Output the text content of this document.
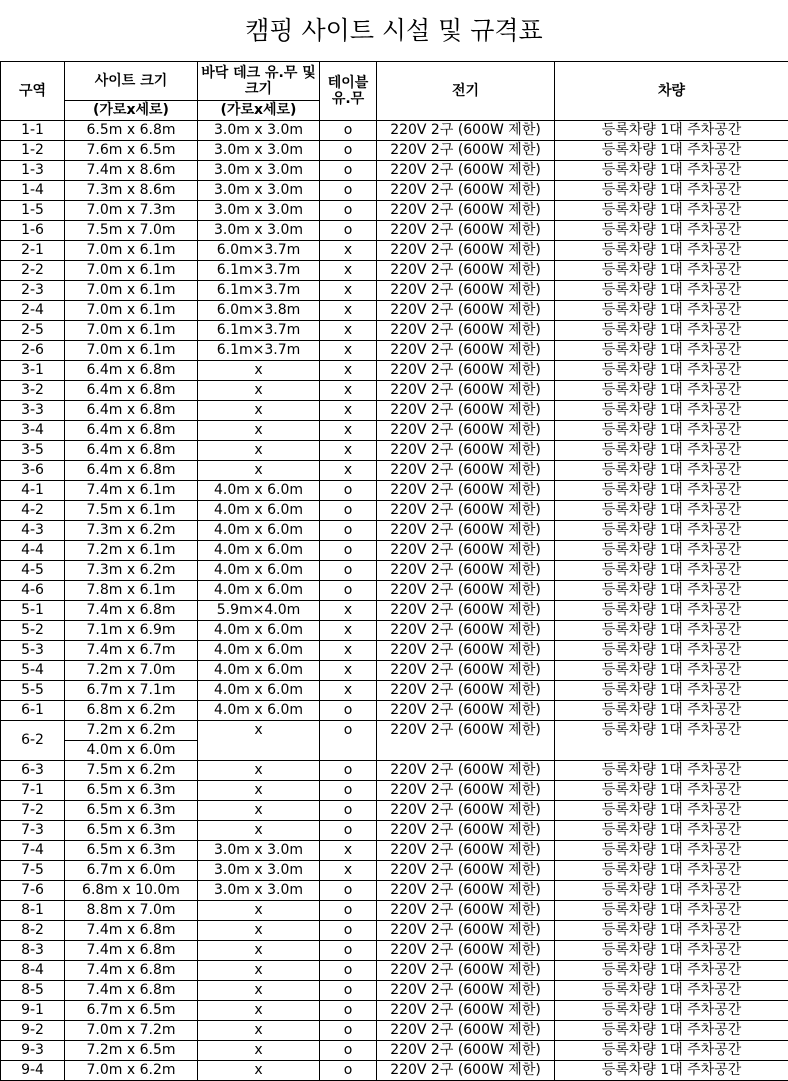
캠핑 사이트 시설 및 규격표
구역	사이트 크기	바닥 데크 유.무 및 크기	테이블 유.무	전기	차량
	(가로x세로)	(가로x세로)			
1-1	6.5m x 6.8m	3.0m x 3.0m	o	220V 2구 (600W 제한)	등록차량 1대 주차공간
1-2	7.6m x 6.5m	3.0m x 3.0m	o	220V 2구 (600W 제한)	등록차량 1대 주차공간
1-3	7.4m x 8.6m	3.0m x 3.0m	o	220V 2구 (600W 제한)	등록차량 1대 주차공간
1-4	7.3m x 8.6m	3.0m x 3.0m	o	220V 2구 (600W 제한)	등록차량 1대 주차공간
1-5	7.0m x 7.3m	3.0m x 3.0m	o	220V 2구 (600W 제한)	등록차량 1대 주차공간
1-6	7.5m x 7.0m	3.0m x 3.0m	o	220V 2구 (600W 제한)	등록차량 1대 주차공간
2-1	7.0m x 6.1m	6.0m×3.7m	x	220V 2구 (600W 제한)	등록차량 1대 주차공간
2-2	7.0m x 6.1m	6.1m×3.7m	x	220V 2구 (600W 제한)	등록차량 1대 주차공간
2-3	7.0m x 6.1m	6.1m×3.7m	x	220V 2구 (600W 제한)	등록차량 1대 주차공간
2-4	7.0m x 6.1m	6.0m×3.8m	x	220V 2구 (600W 제한)	등록차량 1대 주차공간
2-5	7.0m x 6.1m	6.1m×3.7m	x	220V 2구 (600W 제한)	등록차량 1대 주차공간
2-6	7.0m x 6.1m	6.1m×3.7m	x	220V 2구 (600W 제한)	등록차량 1대 주차공간
3-1	6.4m x 6.8m	x	x	220V 2구 (600W 제한)	등록차량 1대 주차공간
3-2	6.4m x 6.8m	x	x	220V 2구 (600W 제한)	등록차량 1대 주차공간
3-3	6.4m x 6.8m	x	x	220V 2구 (600W 제한)	등록차량 1대 주차공간
3-4	6.4m x 6.8m	x	x	220V 2구 (600W 제한)	등록차량 1대 주차공간
3-5	6.4m x 6.8m	x	x	220V 2구 (600W 제한)	등록차량 1대 주차공간
3-6	6.4m x 6.8m	x	x	220V 2구 (600W 제한)	등록차량 1대 주차공간
4-1	7.4m x 6.1m	4.0m x 6.0m	o	220V 2구 (600W 제한)	등록차량 1대 주차공간
4-2	7.5m x 6.1m	4.0m x 6.0m	o	220V 2구 (600W 제한)	등록차량 1대 주차공간
4-3	7.3m x 6.2m	4.0m x 6.0m	o	220V 2구 (600W 제한)	등록차량 1대 주차공간
4-4	7.2m x 6.1m	4.0m x 6.0m	o	220V 2구 (600W 제한)	등록차량 1대 주차공간
4-5	7.3m x 6.2m	4.0m x 6.0m	o	220V 2구 (600W 제한)	등록차량 1대 주차공간
4-6	7.8m x 6.1m	4.0m x 6.0m	o	220V 2구 (600W 제한)	등록차량 1대 주차공간
5-1	7.4m x 6.8m	5.9m×4.0m	x	220V 2구 (600W 제한)	등록차량 1대 주차공간
5-2	7.1m x 6.9m	4.0m x 6.0m	x	220V 2구 (600W 제한)	등록차량 1대 주차공간
5-3	7.4m x 6.7m	4.0m x 6.0m	x	220V 2구 (600W 제한)	등록차량 1대 주차공간
5-4	7.2m x 7.0m	4.0m x 6.0m	x	220V 2구 (600W 제한)	등록차량 1대 주차공간
5-5	6.7m x 7.1m	4.0m x 6.0m	x	220V 2구 (600W 제한)	등록차량 1대 주차공간
6-1	6.8m x 6.2m	4.0m x 6.0m	o	220V 2구 (600W 제한)	등록차량 1대 주차공간
6-2	7.2m x 6.2m	x	o	220V 2구 (600W 제한)	등록차량 1대 주차공간
	4.0m x 6.0m				
6-3	7.5m x 6.2m	x	o	220V 2구 (600W 제한)	등록차량 1대 주차공간
7-1	6.5m x 6.3m	x	o	220V 2구 (600W 제한)	등록차량 1대 주차공간
7-2	6.5m x 6.3m	x	o	220V 2구 (600W 제한)	등록차량 1대 주차공간
7-3	6.5m x 6.3m	x	o	220V 2구 (600W 제한)	등록차량 1대 주차공간
7-4	6.5m x 6.3m	3.0m x 3.0m	x	220V 2구 (600W 제한)	등록차량 1대 주차공간
7-5	6.7m x 6.0m	3.0m x 3.0m	x	220V 2구 (600W 제한)	등록차량 1대 주차공간
7-6	6.8m x 10.0m	3.0m x 3.0m	o	220V 2구 (600W 제한)	등록차량 1대 주차공간
8-1	8.8m x 7.0m	x	o	220V 2구 (600W 제한)	등록차량 1대 주차공간
8-2	7.4m x 6.8m	x	o	220V 2구 (600W 제한)	등록차량 1대 주차공간
8-3	7.4m x 6.8m	x	o	220V 2구 (600W 제한)	등록차량 1대 주차공간
8-4	7.4m x 6.8m	x	o	220V 2구 (600W 제한)	등록차량 1대 주차공간
8-5	7.4m x 6.8m	x	o	220V 2구 (600W 제한)	등록차량 1대 주차공간
9-1	6.7m x 6.5m	x	o	220V 2구 (600W 제한)	등록차량 1대 주차공간
9-2	7.0m x 7.2m	x	o	220V 2구 (600W 제한)	등록차량 1대 주차공간
9-3	7.2m x 6.5m	x	o	220V 2구 (600W 제한)	등록차량 1대 주차공간
9-4	7.0m x 6.2m	x	o	220V 2구 (600W 제한)	등록차량 1대 주차공간
